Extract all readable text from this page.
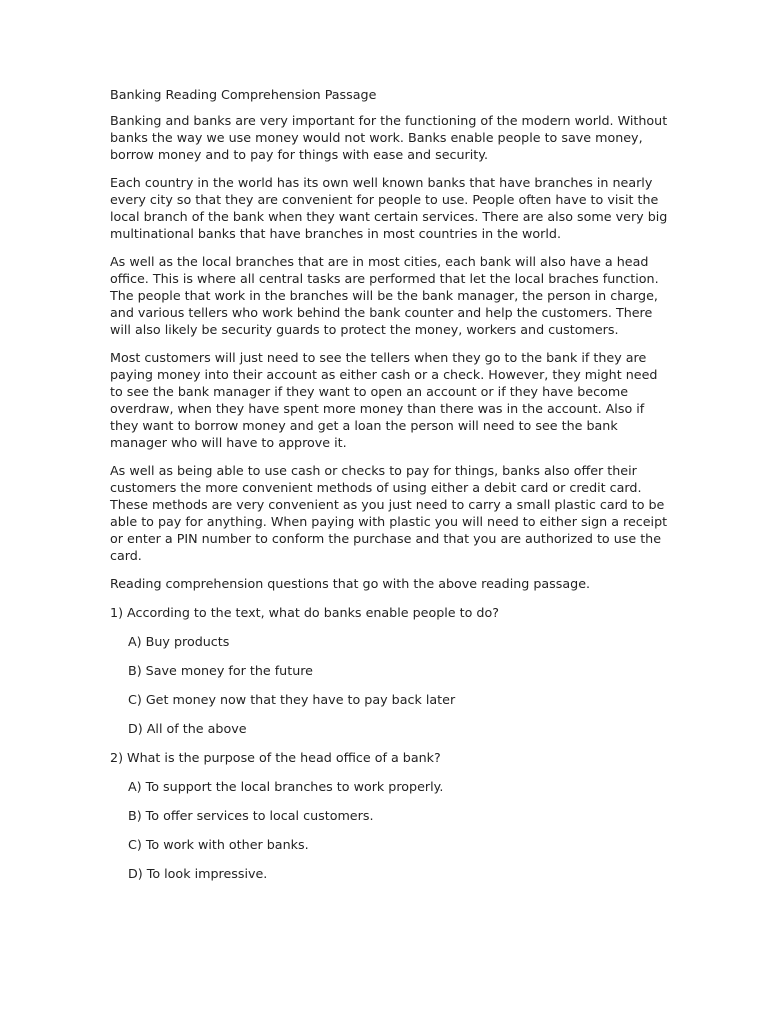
Banking Reading Comprehension Passage

Banking and banks are very important for the functioning of the modern world. Without banks the way we use money would not work. Banks enable people to save money, borrow money and to pay for things with ease and security.

Each country in the world has its own well known banks that have branches in nearly every city so that they are convenient for people to use. People often have to visit the local branch of the bank when they want certain services. There are also some very big multinational banks that have branches in most countries in the world.

As well as the local branches that are in most cities, each bank will also have a head office. This is where all central tasks are performed that let the local braches function. The people that work in the branches will be the bank manager, the person in charge, and various tellers who work behind the bank counter and help the customers. There will also likely be security guards to protect the money, workers and customers.

Most customers will just need to see the tellers when they go to the bank if they are paying money into their account as either cash or a check. However, they might need to see the bank manager if they want to open an account or if they have become overdraw, when they have spent more money than there was in the account. Also if they want to borrow money and get a loan the person will need to see the bank manager who will have to approve it.

As well as being able to use cash or checks to pay for things, banks also offer their customers the more convenient methods of using either a debit card or credit card. These methods are very convenient as you just need to carry a small plastic card to be able to pay for anything. When paying with plastic you will need to either sign a receipt or enter a PIN number to conform the purchase and that you are authorized to use the card.

Reading comprehension questions that go with the above reading passage.

1) According to the text, what do banks enable people to do?

A) Buy products

B) Save money for the future

C) Get money now that they have to pay back later

D) All of the above

2) What is the purpose of the head office of a bank?

A) To support the local branches to work properly.

B) To offer services to local customers.

C) To work with other banks.

D) To look impressive.
